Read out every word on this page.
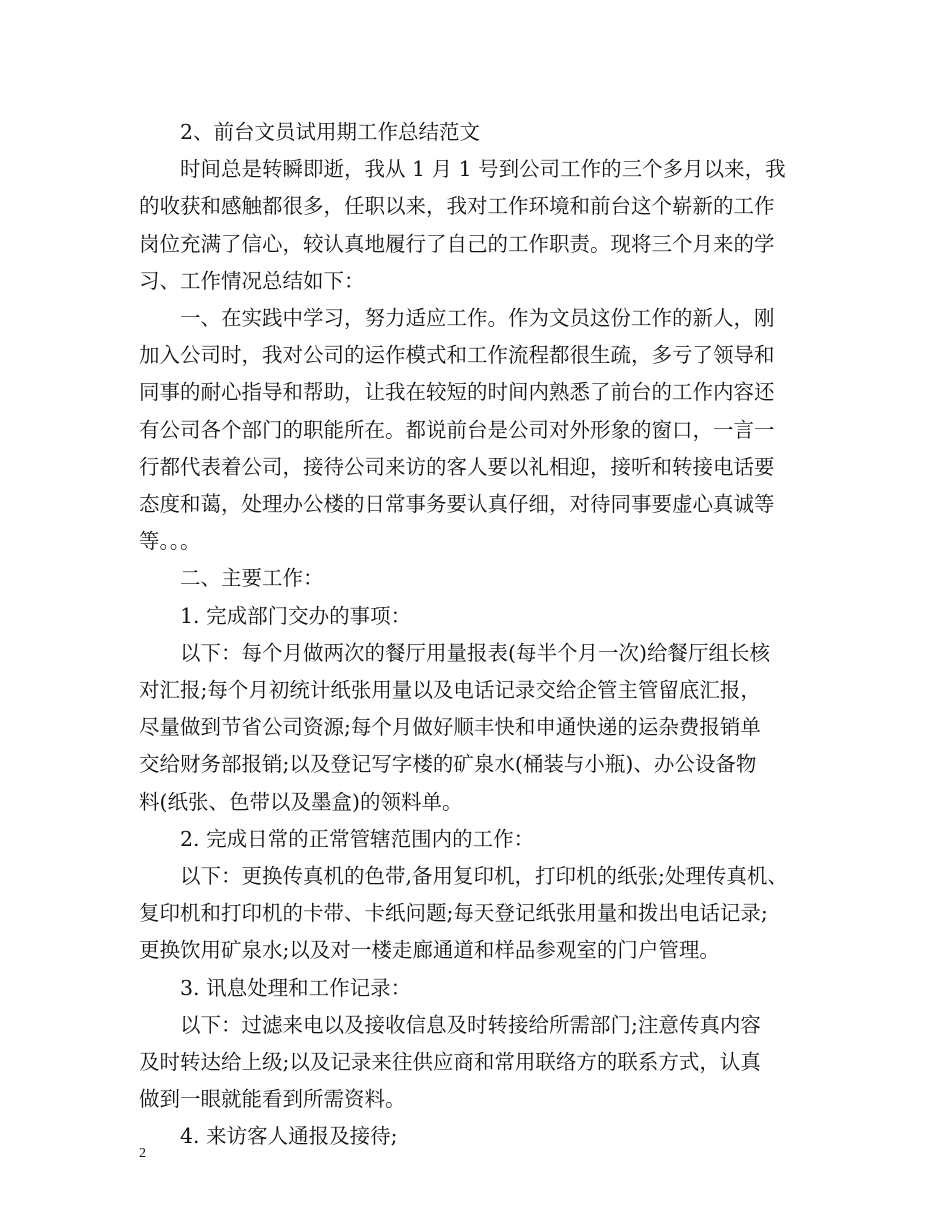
2、前台文员试用期工作总结范文
时间总是转瞬即逝，我从 1 月 1 号到公司工作的三个多月以来，我
的收获和感触都很多，任职以来，我对工作环境和前台这个崭新的工作
岗位充满了信心，较认真地履行了自己的工作职责。现将三个月来的学
习、工作情况总结如下：
一、在实践中学习，努力适应工作。作为文员这份工作的新人，刚
加入公司时，我对公司的运作模式和工作流程都很生疏，多亏了领导和
同事的耐心指导和帮助，让我在较短的时间内熟悉了前台的工作内容还
有公司各个部门的职能所在。都说前台是公司对外形象的窗口，一言一
行都代表着公司，接待公司来访的客人要以礼相迎，接听和转接电话要
态度和蔼，处理办公楼的日常事务要认真仔细，对待同事要虚心真诚等
等。。。
二、主要工作：
1. 完成部门交办的事项：
以下：每个月做两次的餐厅用量报表(每半个月一次)给餐厅组长核
对汇报;每个月初统计纸张用量以及电话记录交给企管主管留底汇报，
尽量做到节省公司资源;每个月做好顺丰快和申通快递的运杂费报销单
交给财务部报销;以及登记写字楼的矿泉水(桶装与小瓶)、办公设备物
料(纸张、色带以及墨盒)的领料单。
2. 完成日常的正常管辖范围内的工作：
以下：更换传真机的色带,备用复印机，打印机的纸张;处理传真机、
复印机和打印机的卡带、卡纸问题;每天登记纸张用量和拨出电话记录;
更换饮用矿泉水;以及对一楼走廊通道和样品参观室的门户管理。
3. 讯息处理和工作记录：
以下：过滤来电以及接收信息及时转接给所需部门;注意传真内容
及时转达给上级;以及记录来往供应商和常用联络方的联系方式，认真
做到一眼就能看到所需资料。
4. 来访客人通报及接待;
2
